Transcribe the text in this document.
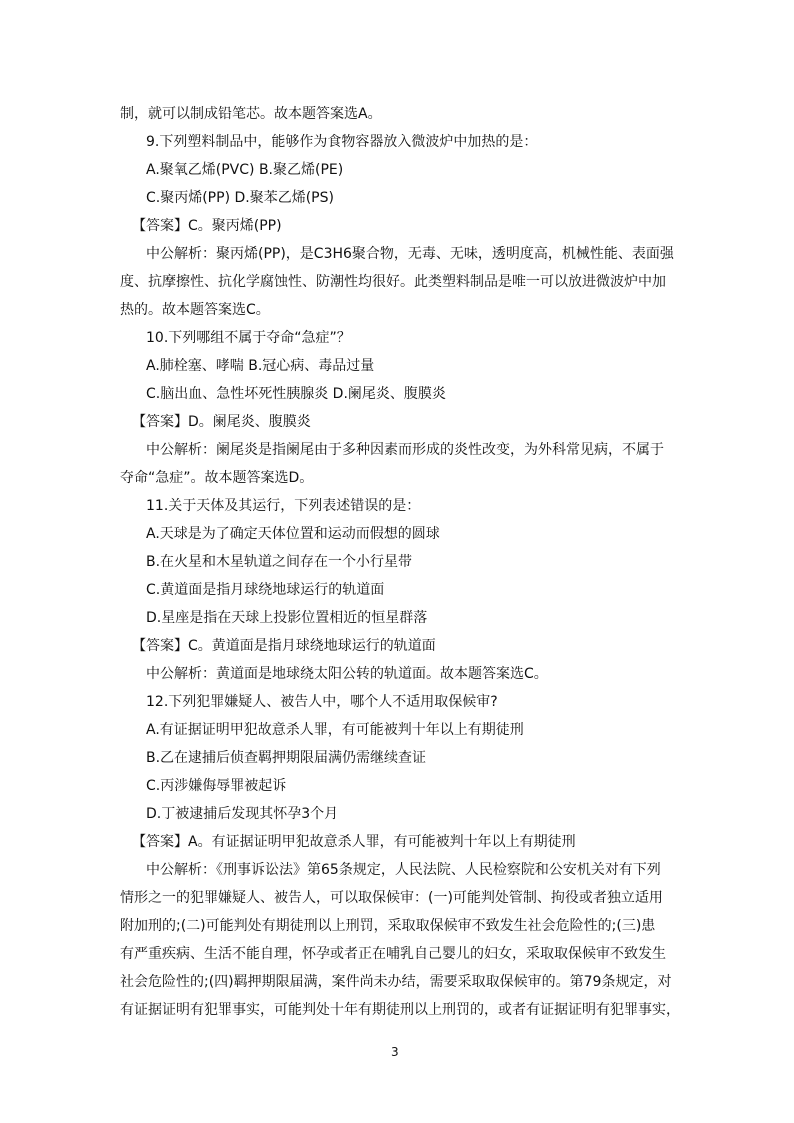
制，就可以制成铅笔芯。故本题答案选A。
9.下列塑料制品中，能够作为食物容器放入微波炉中加热的是：
A.聚氧乙烯(PVC) B.聚乙烯(PE)
C.聚丙烯(PP) D.聚苯乙烯(PS)
【答案】C。聚丙烯(PP)
中公解析：聚丙烯(PP)，是C3H6聚合物，无毒、无味，透明度高，机械性能、表面强
度、抗摩擦性、抗化学腐蚀性、防潮性均很好。此类塑料制品是唯一可以放进微波炉中加
热的。故本题答案选C。
10.下列哪组不属于夺命“急症”？
A.肺栓塞、哮喘 B.冠心病、毒品过量
C.脑出血、急性坏死性胰腺炎 D.阑尾炎、腹膜炎
【答案】D。阑尾炎、腹膜炎
中公解析：阑尾炎是指阑尾由于多种因素而形成的炎性改变，为外科常见病，不属于
夺命“急症”。故本题答案选D。
11.关于天体及其运行，下列表述错误的是：
A.天球是为了确定天体位置和运动而假想的圆球
B.在火星和木星轨道之间存在一个小行星带
C.黄道面是指月球绕地球运行的轨道面
D.星座是指在天球上投影位置相近的恒星群落
【答案】C。黄道面是指月球绕地球运行的轨道面
中公解析：黄道面是地球绕太阳公转的轨道面。故本题答案选C。
12.下列犯罪嫌疑人、被告人中，哪个人不适用取保候审?
A.有证据证明甲犯故意杀人罪，有可能被判十年以上有期徒刑
B.乙在逮捕后侦查羁押期限届满仍需继续查证
C.丙涉嫌侮辱罪被起诉
D.丁被逮捕后发现其怀孕3个月
【答案】A。有证据证明甲犯故意杀人罪，有可能被判十年以上有期徒刑
中公解析：《刑事诉讼法》第65条规定，人民法院、人民检察院和公安机关对有下列
情形之一的犯罪嫌疑人、被告人，可以取保候审：(一)可能判处管制、拘役或者独立适用
附加刑的;(二)可能判处有期徒刑以上刑罚，采取取保候审不致发生社会危险性的;(三)患
有严重疾病、生活不能自理，怀孕或者正在哺乳自己婴儿的妇女，采取取保候审不致发生
社会危险性的;(四)羁押期限届满，案件尚未办结，需要采取取保候审的。第79条规定，对
有证据证明有犯罪事实，可能判处十年有期徒刑以上刑罚的，或者有证据证明有犯罪事实，
3
